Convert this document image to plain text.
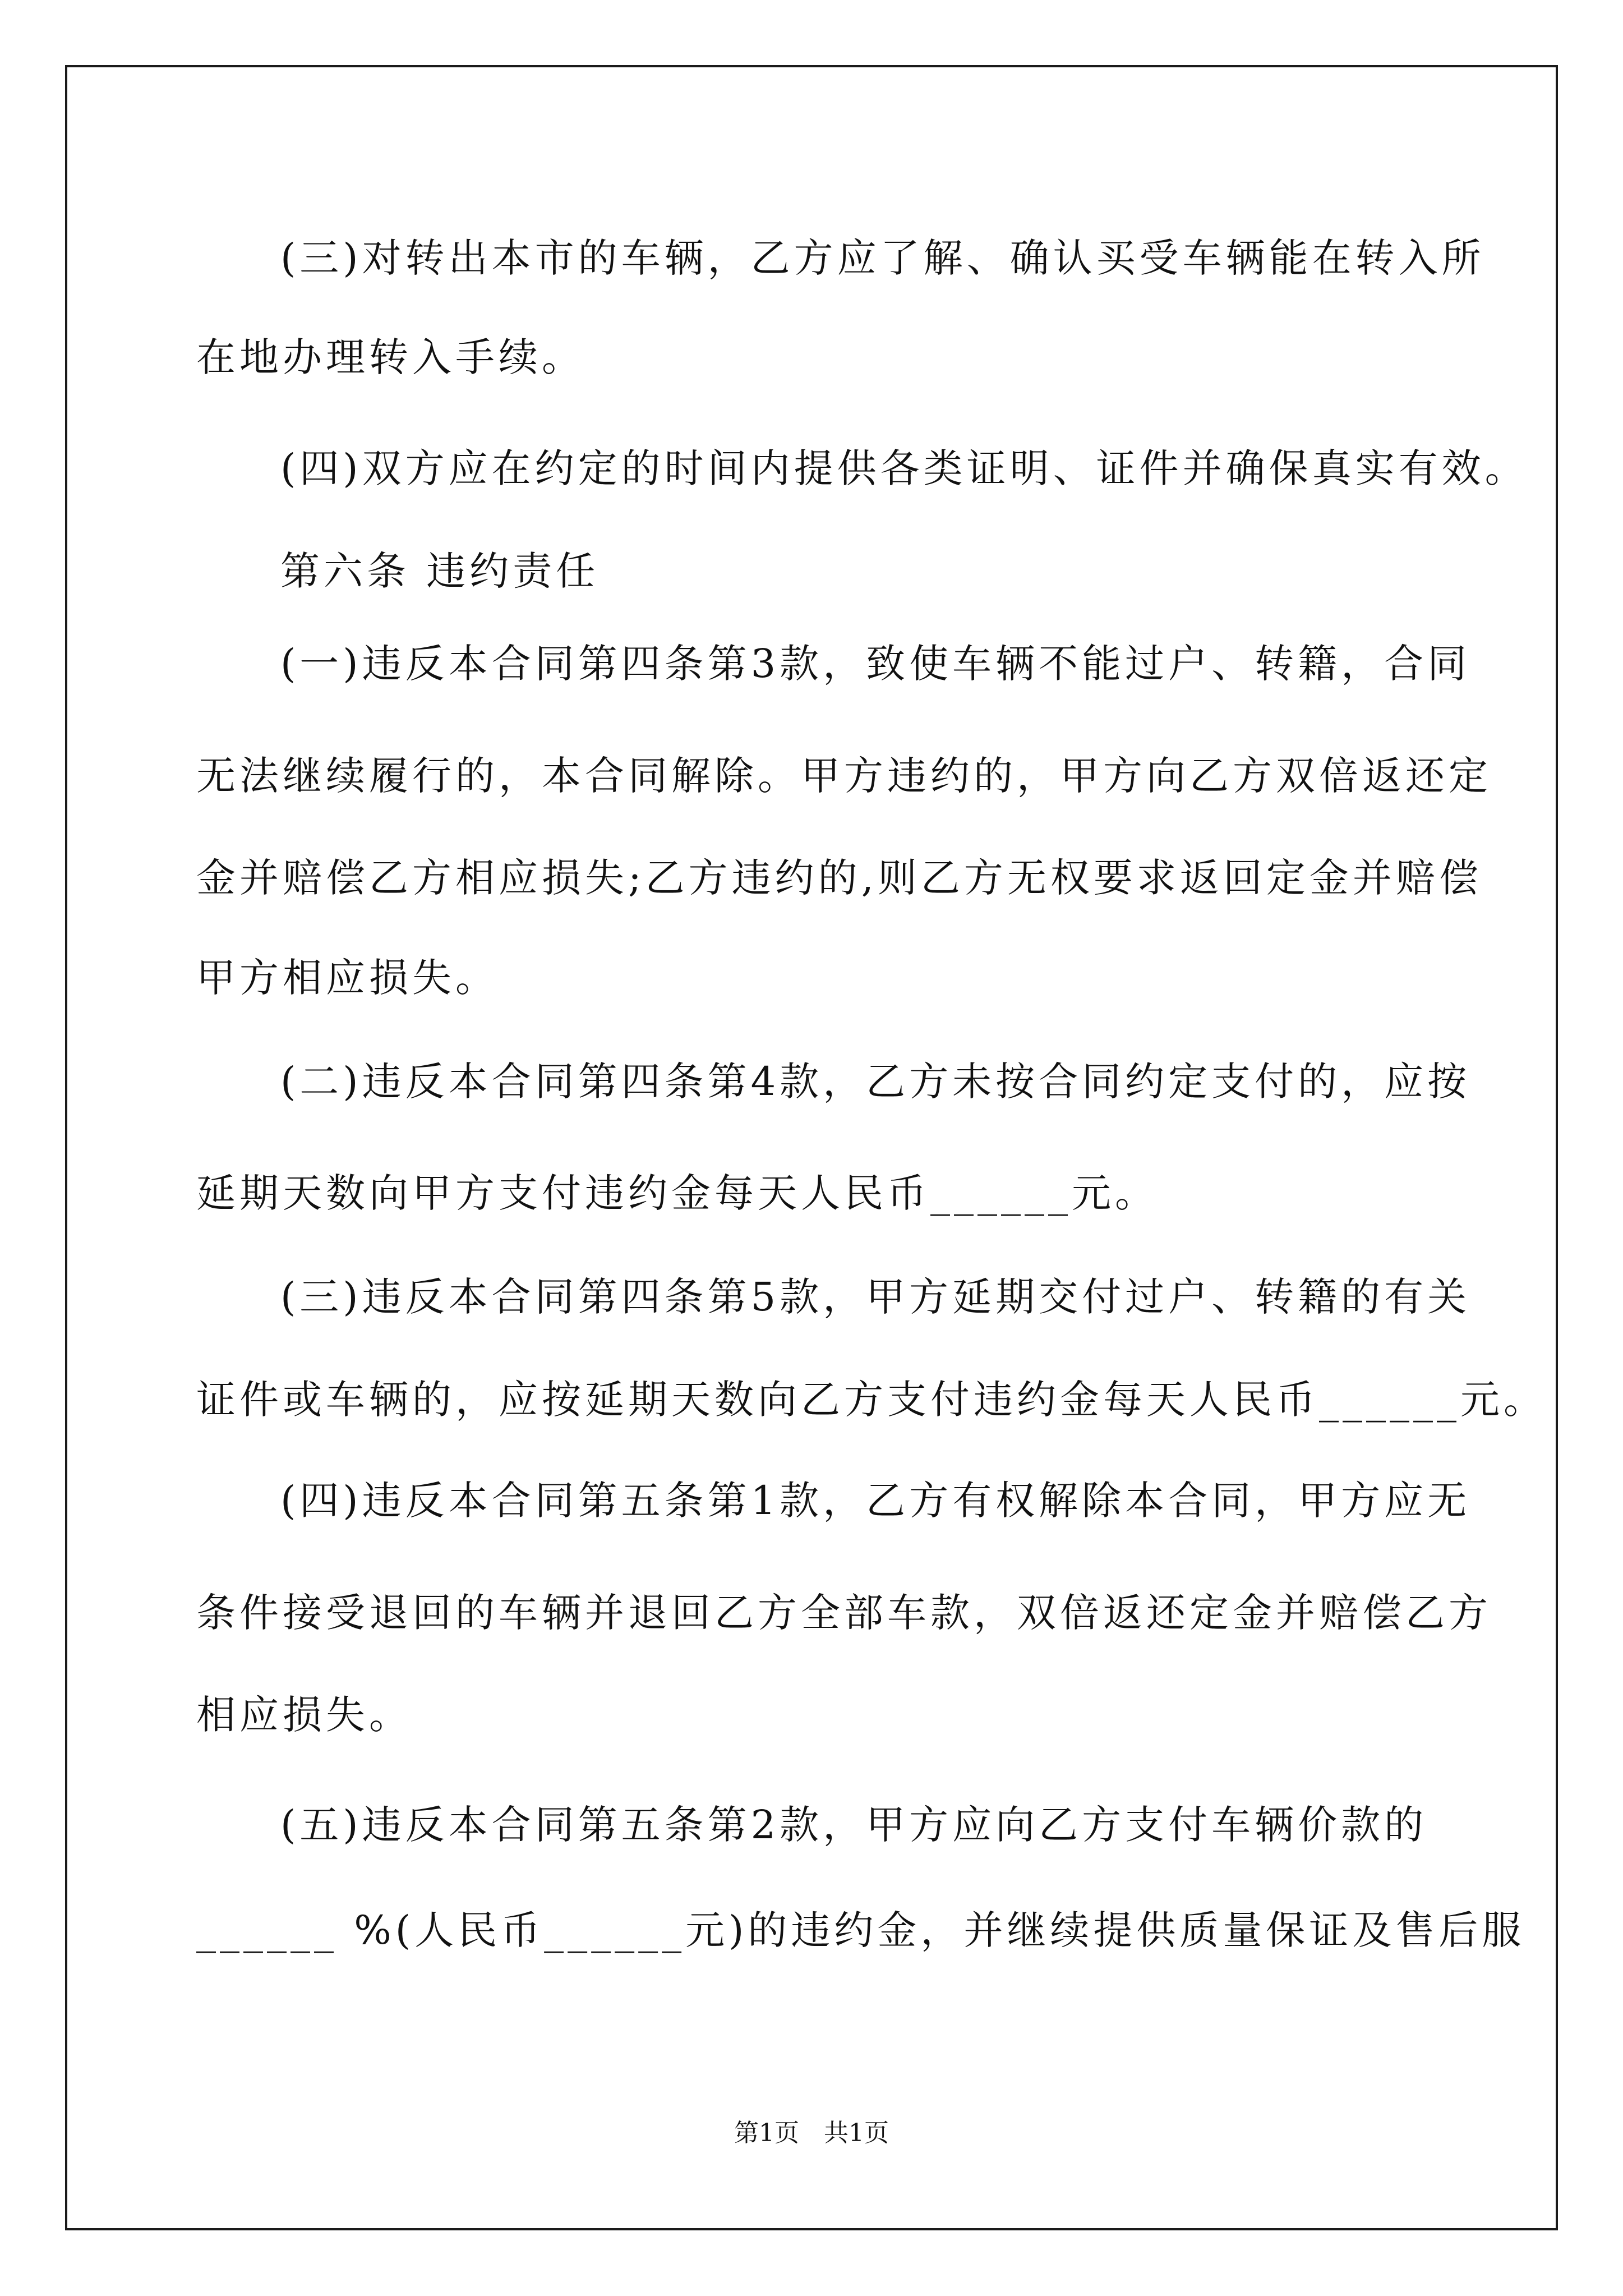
(三)对转出本市的车辆，乙方应了解、确认买受车辆能在转入所
在地办理转入手续。
(四)双方应在约定的时间内提供各类证明、证件并确保真实有效。
第六条 违约责任
(一)违反本合同第四条第3款，致使车辆不能过户、转籍，合同
无法继续履行的，本合同解除。甲方违约的，甲方向乙方双倍返还定
金并赔偿乙方相应损失;乙方违约的,则乙方无权要求返回定金并赔偿
甲方相应损失。
(二)违反本合同第四条第4款，乙方未按合同约定支付的，应按
延期天数向甲方支付违约金每天人民币______元。
(三)违反本合同第四条第5款，甲方延期交付过户、转籍的有关
证件或车辆的，应按延期天数向乙方支付违约金每天人民币______元。
(四)违反本合同第五条第1款，乙方有权解除本合同，甲方应无
条件接受退回的车辆并退回乙方全部车款，双倍返还定金并赔偿乙方
相应损失。
(五)违反本合同第五条第2款，甲方应向乙方支付车辆价款的
______ %(人民币______元)的违约金，并继续提供质量保证及售后服
第1页　共1页
